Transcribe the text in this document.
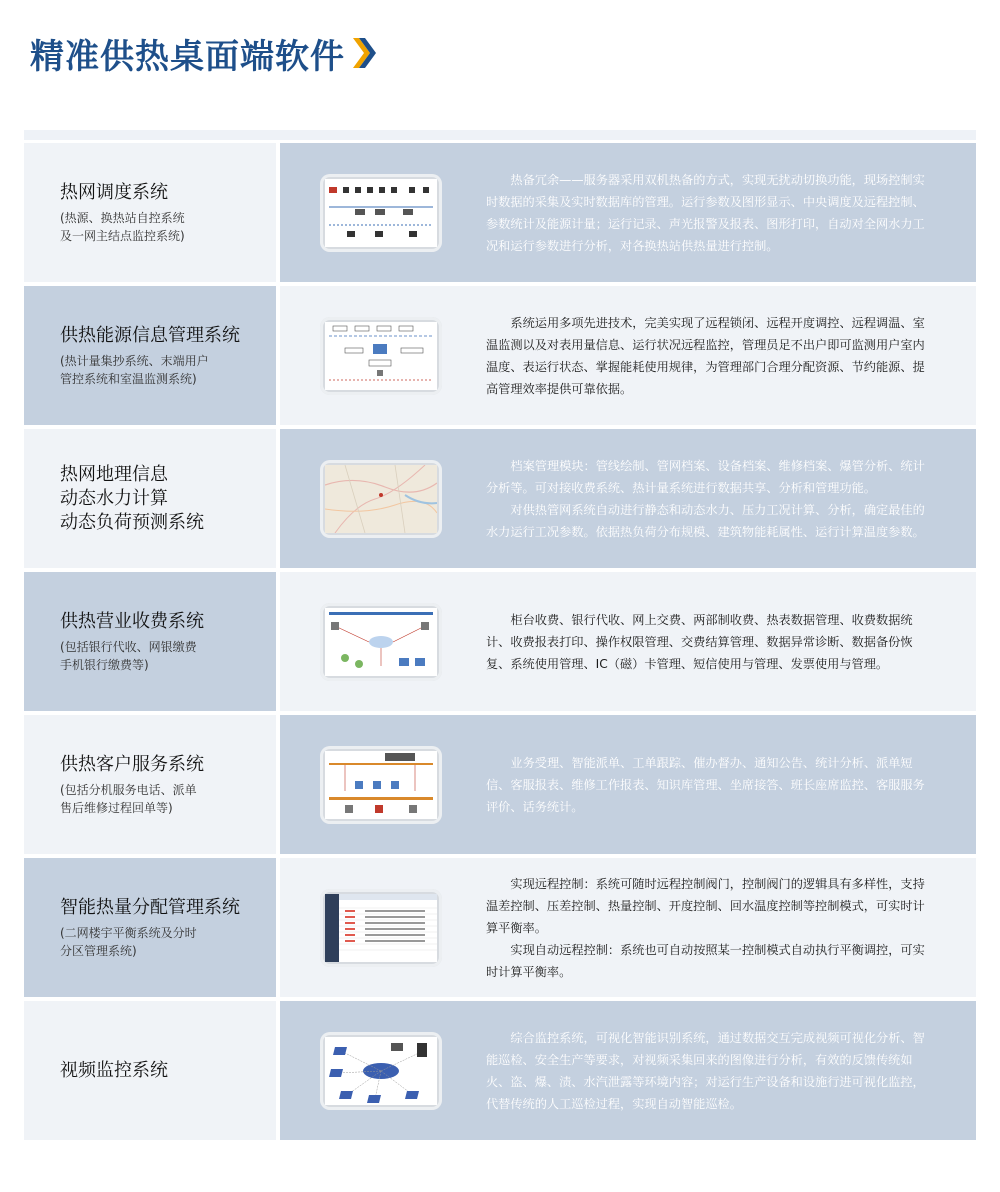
精准供热桌面端软件
热网调度系统
(热源、换热站自控系统
及一网主结点监控系统)

热备冗余——服务器采用双机热备的方式，实现无扰动切换功能，现场控制实时数据的采集及实时数据库的管理。运行参数及图形显示、中央调度及远程控制、参数统计及能源计量；运行记录、声光报警及报表、图形打印，自动对全网水力工况和运行参数进行分析，对各换热站供热量进行控制。

供热能源信息管理系统
(热计量集抄系统、末端用户
管控系统和室温监测系统)

系统运用多项先进技术，完美实现了远程锁闭、远程开度调控、远程调温、室温监测以及对表用量信息、运行状况远程监控，管理员足不出户即可监测用户室内温度、表运行状态、掌握能耗使用规律，为管理部门合理分配资源、节约能源、提高管理效率提供可靠依据。

热网地理信息
动态水力计算
动态负荷预测系统

档案管理模块：管线绘制、管网档案、设备档案、维修档案、爆管分析、统计分析等。可对接收费系统、热计量系统进行数据共享、分析和管理功能。

对供热管网系统自动进行静态和动态水力、压力工况计算、分析，确定最佳的水力运行工况参数。依据热负荷分布规模、建筑物能耗属性、运行计算温度参数。

供热营业收费系统
(包括银行代收、网银缴费
手机银行缴费等)

柜台收费、银行代收、网上交费、两部制收费、热表数据管理、收费数据统计、收费报表打印、操作权限管理、交费结算管理、数据异常诊断、数据备份恢复、系统使用管理、IC（磁）卡管理、短信使用与管理、发票使用与管理。

供热客户服务系统
(包括分机服务电话、派单
售后维修过程回单等)

业务受理、智能派单、工单跟踪、催办督办、通知公告、统计分析、派单短信、客服报表、维修工作报表、知识库管理、坐席接答、班长座席监控、客服服务评价、话务统计。

智能热量分配管理系统
(二网楼宇平衡系统及分时
分区管理系统)

实现远程控制：系统可随时远程控制阀门，控制阀门的逻辑具有多样性，支持温差控制、压差控制、热量控制、开度控制、回水温度控制等控制模式，可实时计算平衡率。

实现自动远程控制：系统也可自动按照某一控制模式自动执行平衡调控，可实时计算平衡率。

视频监控系统

综合监控系统，可视化智能识别系统，通过数据交互完成视频可视化分析、智能巡检、安全生产等要求，对视频采集回来的图像进行分析，有效的反馈传统如火、盗、爆、渍、水汽泄露等环境内容；对运行生产设备和设施行进可视化监控，代替传统的人工巡检过程，实现自动智能巡检。
